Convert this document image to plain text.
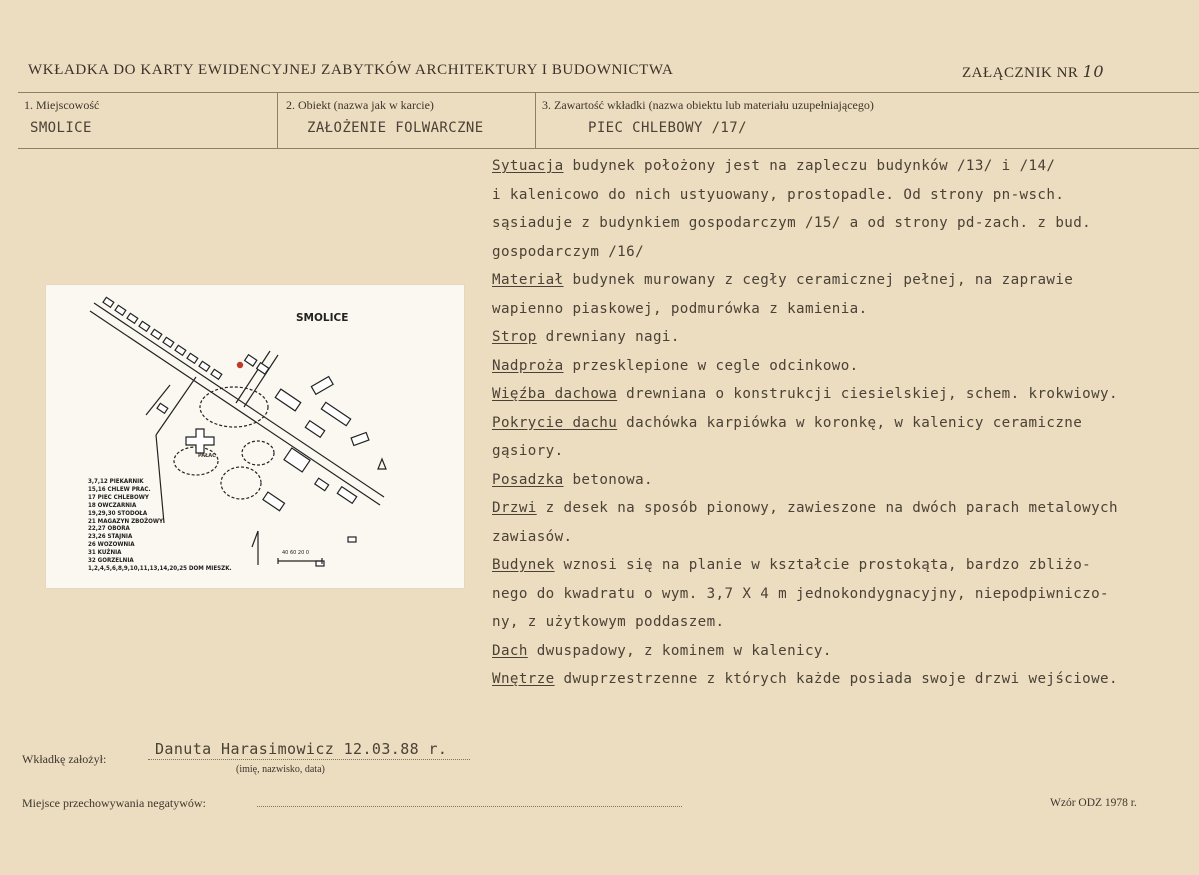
WKŁADKA DO KARTY EWIDENCYJNEJ ZABYTKÓW ARCHITEKTURY I BUDOWNICTWA	ZAŁĄCZNIK NR 10
1. Miejscowość
SMOLICE
2. Obiekt (nazwa jak w karcie)
ZAŁOŻENIE FOLWARCZNE
3. Zawartość wkładki (nazwa obiektu lub materiału uzupełniającego)
PIEC CHLEBOWY /17/
Sytuacja budynek położony jest na zapleczu budynków /13/ i /14/
i kalenicowo do nich ustyuowany, prostopadle. Od strony pn-wsch.
sąsiaduje z budynkiem gospodarczym /15/ a od strony pd-zach. z bud.
gospodarczym /16/
Materiał budynek murowany z cegły ceramicznej pełnej, na zaprawie
wapienno piaskowej, podmurówka z kamienia.
Strop drewniany nagi.
Nadproża przesklepione w cegle odcinkowo.
Więźba dachowa drewniana o konstrukcji ciesielskiej, schem. krokwiowy.
Pokrycie dachu dachówka karpiówka w koronkę, w kalenicy ceramiczne
gąsiory.
Posadzka betonowa.
Drzwi z desek na sposób pionowy, zawieszone na dwóch parach metalowych
zawiasów.
Budynek wznosi się na planie w kształcie prostokąta, bardzo zbliżo-
nego do kwadratu o wym. 3,7 X 4 m jednokondygnacyjny, niepodpiwniczo-
ny, z użytkowym poddaszem.
Dach dwuspadowy, z kominem w kalenicy.
Wnętrze dwuprzestrzenne z których każde posiada swoje drzwi wejściowe.
SMOLICE
PAŁAC
3,7,12 PIEKARNIK
15,16 CHLEW PRAC.
17 PIEC CHLEBOWY
18 OWCZARNIA
19,29,30 STODOŁA
21 MAGAZYN ZBOŻOWY
22,27 OBORA
23,26 STAJNIA
26 WOZOWNIA
31 KUŹNIA
32 GORZELNIA
1,2,4,5,6,8,9,10,11,13,14,20,25 DOM MIESZK.
40 60 20 0
Wkładkę założył:
Danuta Harasimowicz 12.03.88 r.
(imię, nazwisko, data)
Miejsce przechowywania negatywów:	Wzór ODZ 1978 r.
